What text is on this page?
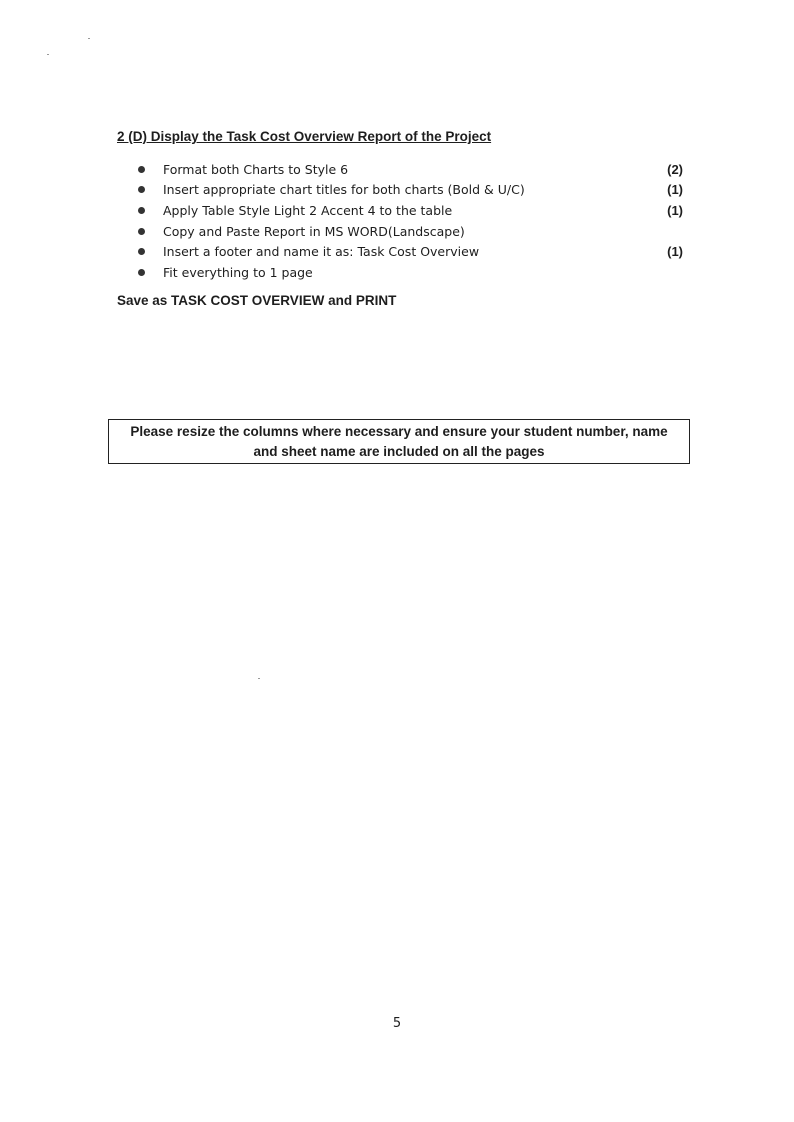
2 (D) Display the Task Cost Overview Report of the Project
Format both Charts to Style 6	(2)
Insert appropriate chart titles for both charts (Bold & U/C)	(1)
Apply Table Style Light 2 Accent 4 to the table	(1)
Copy and Paste Report in MS WORD(Landscape)
Insert a footer and name it as: Task Cost Overview	(1)
Fit everything to 1 page
Save as TASK COST OVERVIEW and PRINT

Please resize the columns where necessary and ensure your student number, name and sheet name are included on all the pages

5
